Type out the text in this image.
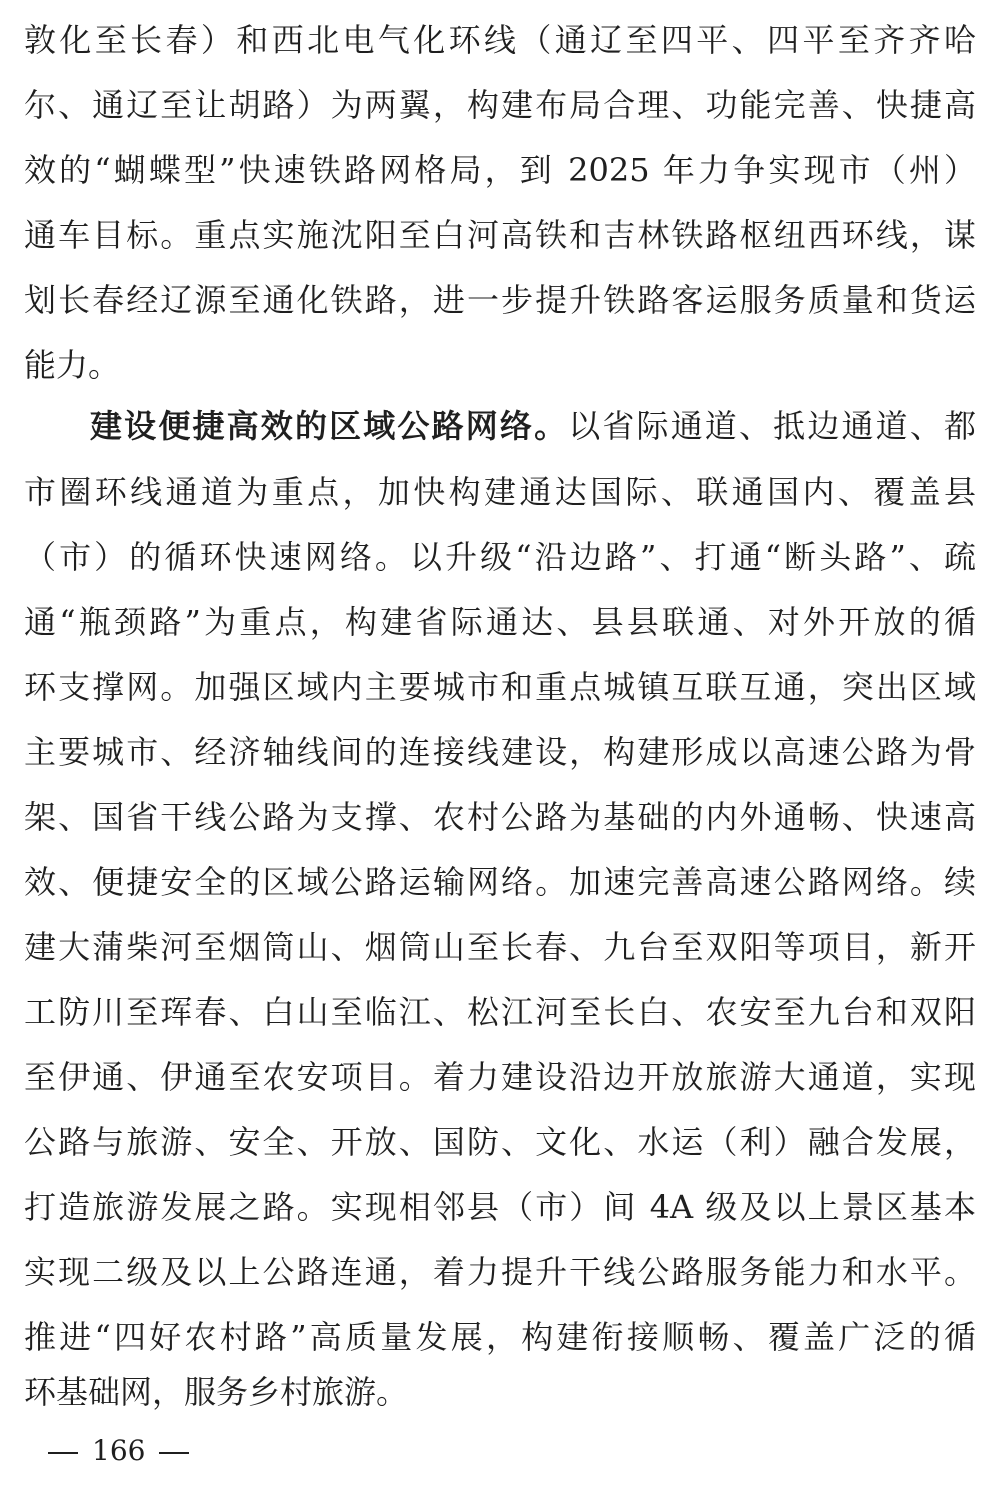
敦化至长春）和西北电气化环线（通辽至四平、四平至齐齐哈
尔、通辽至让胡路）为两翼，构建布局合理、功能完善、快捷高
效的“蝴蝶型”快速铁路网格局，到 2025 年力争实现市（州）
通车目标。重点实施沈阳至白河高铁和吉林铁路枢纽西环线，谋
划长春经辽源至通化铁路，进一步提升铁路客运服务质量和货运
能力。
建设便捷高效的区域公路网络。以省际通道、抵边通道、都
市圈环线通道为重点，加快构建通达国际、联通国内、覆盖县
（市）的循环快速网络。以升级“沿边路”、打通“断头路”、疏
通“瓶颈路”为重点，构建省际通达、县县联通、对外开放的循
环支撑网。加强区域内主要城市和重点城镇互联互通，突出区域
主要城市、经济轴线间的连接线建设，构建形成以高速公路为骨
架、国省干线公路为支撑、农村公路为基础的内外通畅、快速高
效、便捷安全的区域公路运输网络。加速完善高速公路网络。续
建大蒲柴河至烟筒山、烟筒山至长春、九台至双阳等项目，新开
工防川至珲春、白山至临江、松江河至长白、农安至九台和双阳
至伊通、伊通至农安项目。着力建设沿边开放旅游大通道，实现
公路与旅游、安全、开放、国防、文化、水运（利）融合发展，
打造旅游发展之路。实现相邻县（市）间 4A 级及以上景区基本
实现二级及以上公路连通，着力提升干线公路服务能力和水平。
推进“四好农村路”高质量发展，构建衔接顺畅、覆盖广泛的循
环基础网，服务乡村旅游。
166
